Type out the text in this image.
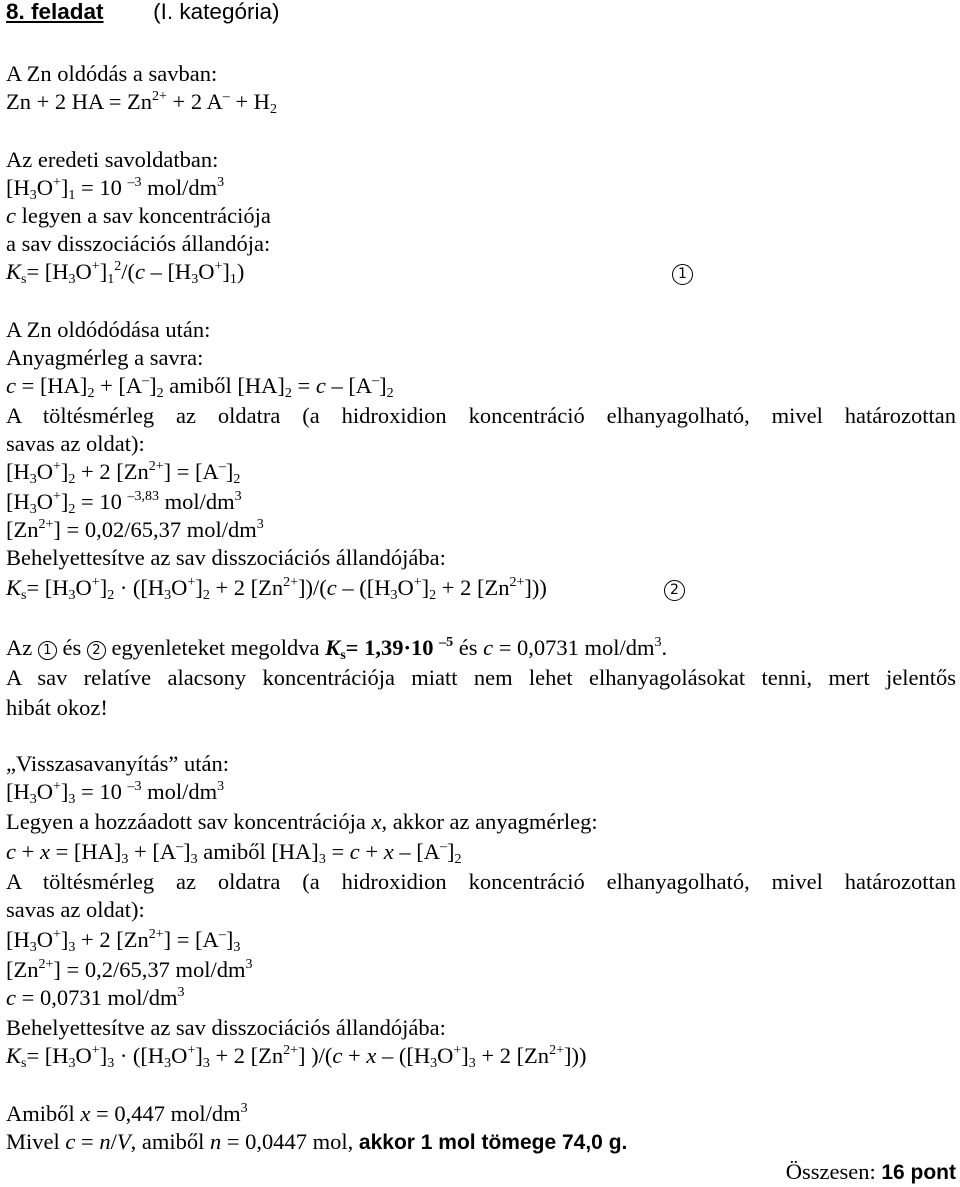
8. feladat (I. kategória)
A Zn oldódás a savban:
Zn + 2 HA = $Zn^{2+} + 2$ $A^- + H_2$
Az eredeti savoldatban:
$[H_3O^+]_1 = 10$ $^{-3}$ mol/$dm^3$
c legyen a sav koncentrációja
a sav disszociációs állandója:
$K_s= [H_3O^+]_1^2/(c - [H_3O^+]_1)$	1
A Zn oldódódása után:
Anyagmérleg a savra:
$c = [HA]_2 + [A^-]_2$ amiből $[HA]_2 = c - [A^-]_2$
A töltésmérleg az oldatra (a hidroxidion koncentráció elhanyagolható, mivel határozottan
savas az oldat):
$[H_3O^+]_2 + 2$ $[Zn^{2+}] = [A^-]_2$
$[H_3O^+]_2 = 10$ $^{-3,83}$ mol/$dm^3$
$[Zn^{2+}] = 0,02/65,37$ mol/$dm^3$
Behelyettesítve az sav disszociációs állandójába:
$K_s= [H_3O^+]_2 \cdot ([H_3O^+]_2 + 2$ $[Zn^{2+}])/(c - ([H_3O^+]_2 + 2$ $[Zn^{2+}]$))	2
Az 1 és 2 egyenleteket megoldva $K_s= 1,39\cdot 10$ $^{-5}$ és c = 0,0731 mol/$dm^3$.
A sav relatíve alacsony koncentrációja miatt nem lehet elhanyagolásokat tenni, mert jelentős
hibát okoz!
„Visszasavanyítás” után:
$[H_3O^+]_3 = 10$ $^{-3}$ mol/$dm^3$
Legyen a hozzáadott sav koncentrációja x, akkor az anyagmérleg:
$c + x = [HA]_3 + [A^-]_3$ amiből $[HA]_3 = c + x - [A^-]_2$
A töltésmérleg az oldatra (a hidroxidion koncentráció elhanyagolható, mivel határozottan
savas az oldat):
$[H_3O^+]_3 + 2$ $[Zn^{2+}] = [A^-]_3$
$[Zn^{2+}] = 0,2/65,37$ mol/$dm^3$
c = 0,0731 mol/$dm^3$
Behelyettesítve az sav disszociációs állandójába:
$K_s= [H_3O^+]_3 \cdot ([H_3O^+]_3 + 2$ $[Zn^{2+}] )/(c + x - ([H_3O^+]_3 + 2$ $[Zn^{2+}]$))
Amiből x = 0,447 mol/$dm^3$
Mivel c = n/V, amiből n = 0,0447 mol, akkor 1 mol tömege 74,0 g.
Összesen: 16 pont
